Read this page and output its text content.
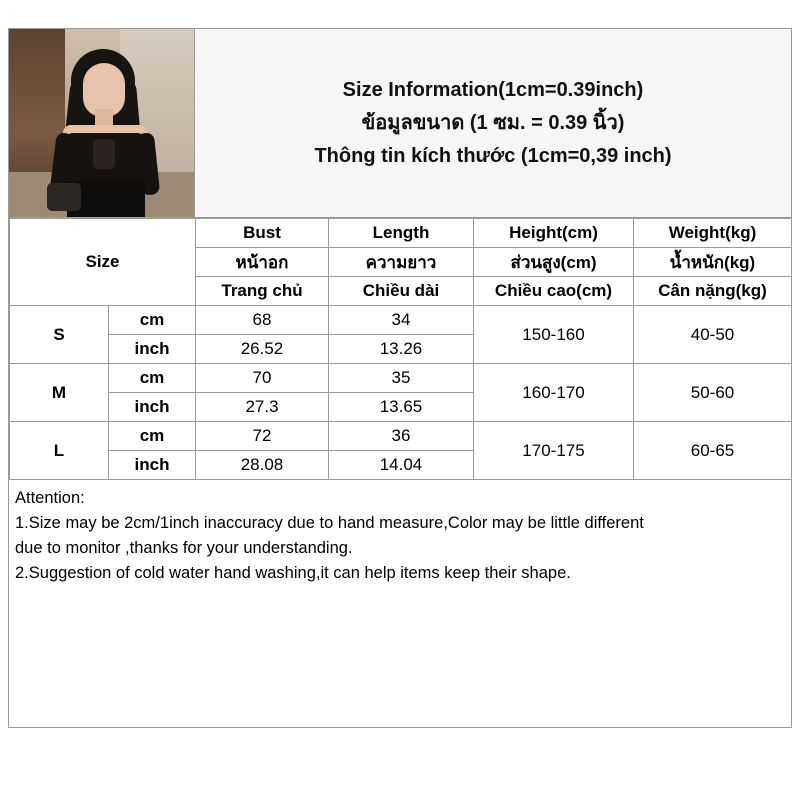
Size Information(1cm=0.39inch)
ข้อมูลขนาด (1 ซม. = 0.39 นิ้ว)
Thông tin kích thước (1cm=0,39 inch)
Size		Bust	Length	Height(cm)	Weight(kg)
		หน้าอก	ความยาว	ส่วนสูง(cm)	น้ำหนัก(kg)
		Trang chủ	Chiều dài	Chiều cao(cm)	Cân nặng(kg)
S	cm	68	34	150-160	40-50
	inch	26.52	13.26		
M	cm	70	35	160-170	50-60
	inch	27.3	13.65		
L	cm	72	36	170-175	60-65
	inch	28.08	14.04		
Attention:
1.Size may be 2cm/1inch inaccuracy due to hand measure,Color may be little different
due to monitor ,thanks for your understanding.
2.Suggestion of cold water hand washing,it can help items keep their shape.
